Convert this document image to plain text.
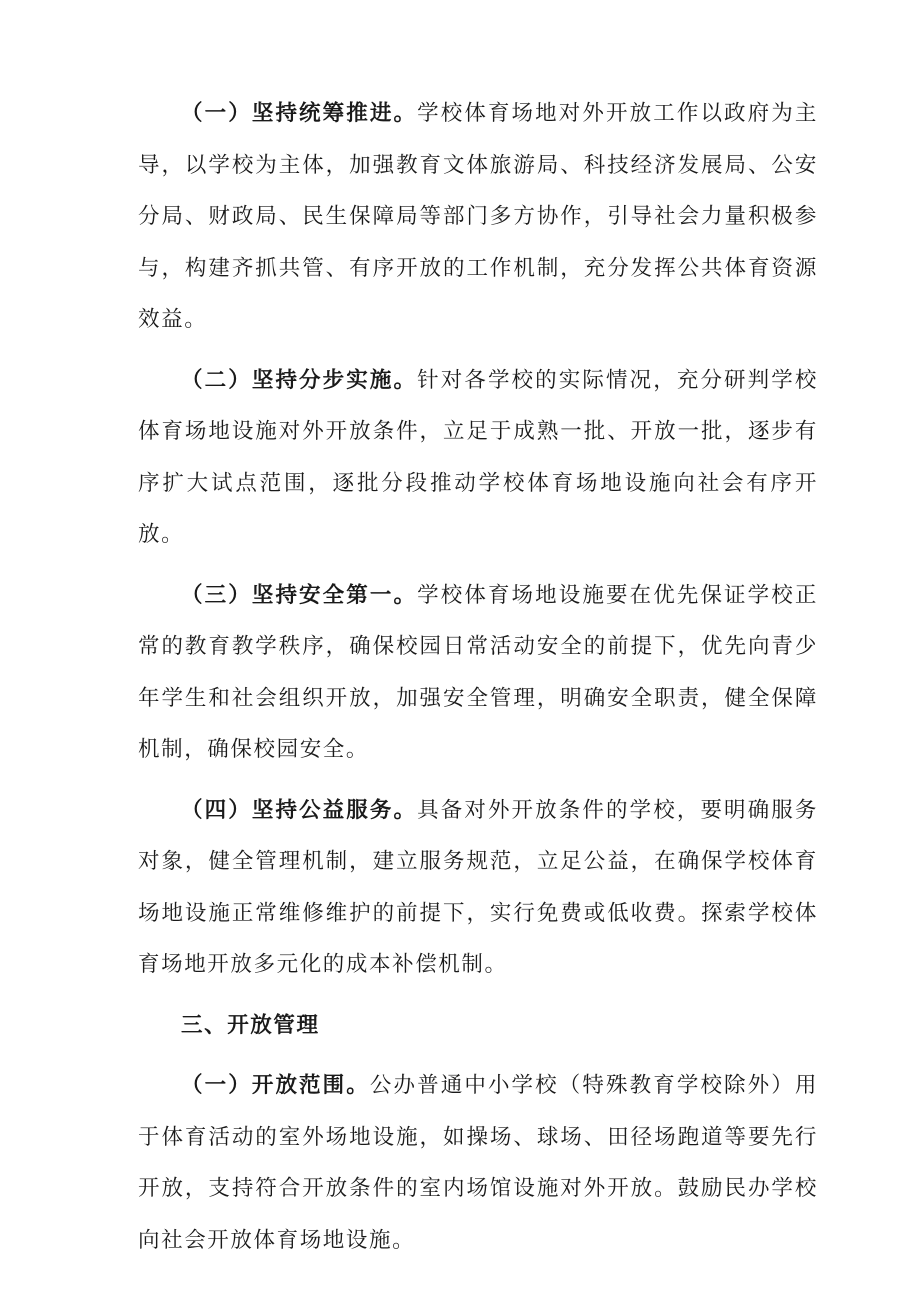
（一）坚持统筹推进。学校体育场地对外开放工作以政府为主导，以学校为主体，加强教育文体旅游局、科技经济发展局、公安分局、财政局、民生保障局等部门多方协作，引导社会力量积极参与，构建齐抓共管、有序开放的工作机制，充分发挥公共体育资源效益。

（二）坚持分步实施。针对各学校的实际情况，充分研判学校体育场地设施对外开放条件，立足于成熟一批、开放一批，逐步有序扩大试点范围，逐批分段推动学校体育场地设施向社会有序开放。

（三）坚持安全第一。学校体育场地设施要在优先保证学校正常的教育教学秩序，确保校园日常活动安全的前提下，优先向青少年学生和社会组织开放，加强安全管理，明确安全职责，健全保障机制，确保校园安全。

（四）坚持公益服务。具备对外开放条件的学校，要明确服务对象，健全管理机制，建立服务规范，立足公益，在确保学校体育场地设施正常维修维护的前提下，实行免费或低收费。探索学校体育场地开放多元化的成本补偿机制。

三、开放管理

（一）开放范围。公办普通中小学校（特殊教育学校除外）用于体育活动的室外场地设施，如操场、球场、田径场跑道等要先行开放，支持符合开放条件的室内场馆设施对外开放。鼓励民办学校向社会开放体育场地设施。
